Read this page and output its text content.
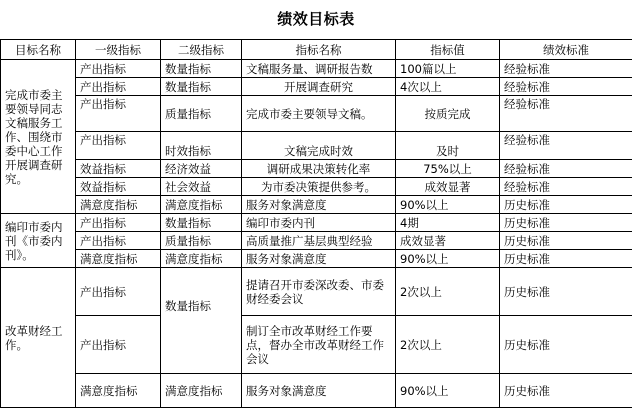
绩效目标表
目标名称	一级指标	二级指标	指标名称	指标值	绩效标准
完成市委主要领导同志文稿服务工作、围绕市委中心工作开展调查研究。	产出指标	数量指标	文稿服务量、调研报告数	100篇以上	经验标准
	产出指标	数量指标	开展调查研究	4次以上	经验标准
	产出指标	质量指标	完成市委主要领导文稿。	按质完成	经验标准
	产出指标	时效指标	文稿完成时效	及时	经验标准
	效益指标	经济效益	调研成果决策转化率	75%以上	经验标准
	效益指标	社会效益	为市委决策提供参考。	成效显著	经验标准
	满意度指标	满意度指标	服务对象满意度	90%以上	历史标准
编印市委内刊《市委内刊》。	产出指标	数量指标	编印市委内刊	4期	历史标准
	产出指标	质量指标	高质量推广基层典型经验	成效显著	历史标准
	满意度指标	满意度指标	服务对象满意度	90%以上	历史标准
改革财经工作。	产出指标	数量指标	提请召开市委深改委、市委财经委会议	2次以上	历史标准
	产出指标		制订全市改革财经工作要点，督办全市改革财经工作会议	2次以上	历史标准
	满意度指标	满意度指标	服务对象满意度	90%以上	历史标准
